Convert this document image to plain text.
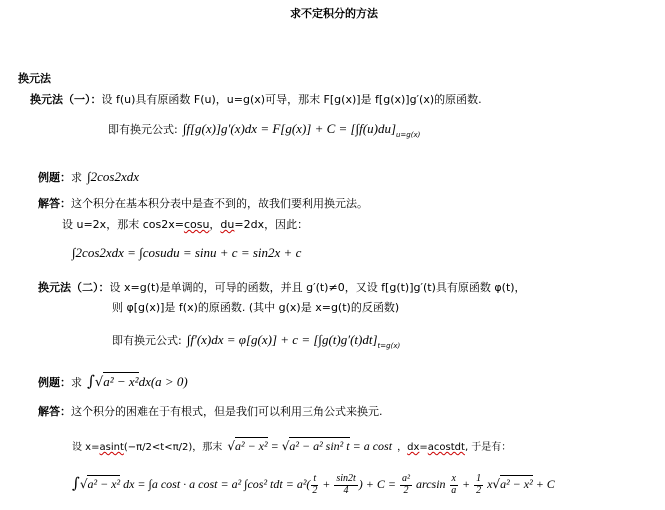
求不定积分的方法
换元法
换元法（一）：设 f(u)具有原函数 F(u)，u=g(x)可导，那末 F[g(x)]是 f[g(x)]g′(x)的原函数.
即有换元公式: $\int f[g(x)]g'(x)dx = F[g(x)] + C = [\int f(u)du]_{u=g(x)}$
例题：求 ∫2cos2xdx
解答：这个积分在基本积分表中是查不到的，故我们要利用换元法。
设 u=2x，那末 cos2x=cosu，du=2dx，因此：
∫2cos2xdx = ∫cosudu = sinu + c = sin2x + c
换元法（二）：设 x=g(t)是单调的，可导的函数，并且 g′(t)≠0，又设 f[g(t)]g′(t)具有原函数 φ(t)，
则 φ[g(x)]是 f(x)的原函数. (其中 g(x)是 x=g(t)的反函数)
即有换元公式: $\int f'(x)dx = \varphi[g(x)] + c = [\int g(t)g'(t)dt]_{t=g(x)}$
例题：求 ∫√a² − x²dx(a > 0)
解答：这个积分的困难在于有根式，但是我们可以利用三角公式来换元.
设 x=asint(−π/2<t<π/2)，那末 √a² − x² = √a² − a² sin² t = a cost ，dx=acostdt, 于是有：
∫√a² − x² dx = ∫a cost · a cost = a² ∫cos² tdt = $a^2( \frac{t}{2} + \frac{\sin 2t}{4}$ ) + $C = \frac{\text{a²}}{2}$ $\arcsin \frac{x}{a} + \frac{1}{2} x√a^2 - x^2 + C$
